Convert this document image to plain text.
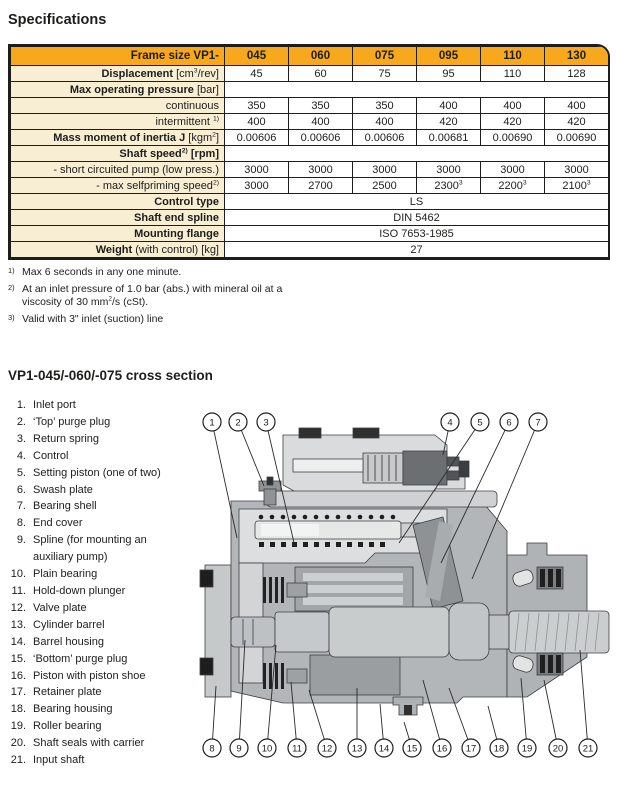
Specifications
Frame size VP1-	045	060	075	095	110	130
Displacement $[cm^3/rev]$	45	60	75	95	110	128
Max operating pressure [bar]						
continuous	350	350	350	400	400	400
intermittent $^{1)}$	400	400	400	420	420	420
Mass moment of inertia J [kgm$^2$]	0.00606	0.00606	0.00606	0.00681	0.00690	0.00690
Shaft speed$^{2)}$ [rpm]						
- short circuited pump (low press.)	3000	3000	3000	3000	3000	3000
- max selfpriming speed$^{2)}$	3000	2700	2500	2300$^3$	2200$^3$	2100$^3$
Control type	LS					
Shaft end spline	DIN 5462					
Mounting flange	ISO 7653-1985					
Weight (with control) [kg]	27					
1) Max 6 seconds in any one minute.
2) At an inlet pressure of 1.0 bar (abs.) with mineral oil at a
viscosity of 30 $mm^2/s$ (cSt).
3) Valid with 3" inlet (suction) line
VP1-045/-060/-075 cross section
1. Inlet port
2. ‘Top’ purge plug
3. Return spring
4. Control
5. Setting piston (one of two)
6. Swash plate
7. Bearing shell
8. End cover
9. Spline (for mounting an
auxiliary pump)
10. Plain bearing
11. Hold-down plunger
12. Valve plate
13. Cylinder barrel
14. Barrel housing
15. ‘Bottom’ purge plug
16. Piston with piston shoe
17. Retainer plate
18. Bearing housing
19. Roller bearing
20. Shaft seals with carrier
21. Input shaft
1 2 3	4	5 6 7
8 9 10 11 12 13 14 15 16 17 18 19 20 21
